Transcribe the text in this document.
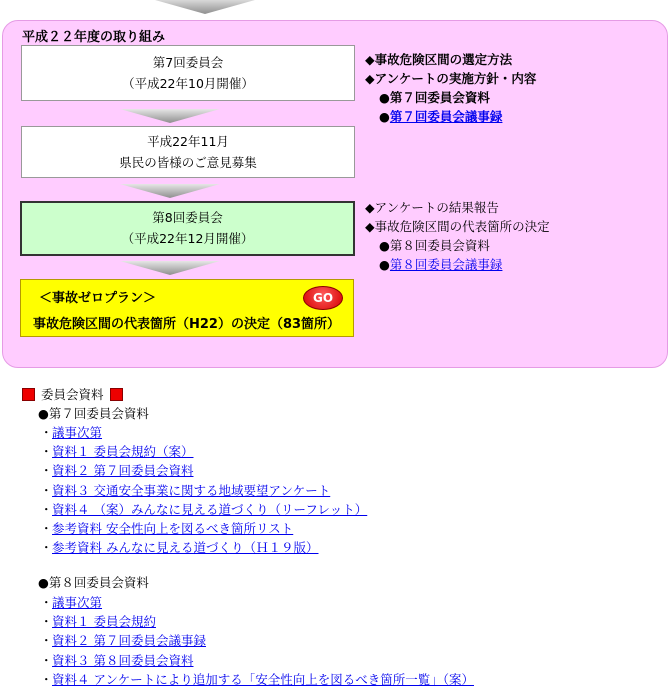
平成２２年度の取り組み
第7回委員会
（平成22年10月開催）
平成22年11月
県民の皆様のご意見募集
第8回委員会
（平成22年12月開催）
＜事故ゼロプラン＞	GO
事故危険区間の代表箇所（H22）の決定（83箇所）
◆事故危険区間の選定方法
◆アンケートの実施方針・内容
●第７回委員会資料
●第７回委員会議事録
◆アンケートの結果報告
◆事故危険区間の代表箇所の決定
●第８回委員会資料
●第８回委員会議事録
委員会資料
●第７回委員会資料
・議事次第
・資料１ 委員会規約（案）
・資料２ 第７回委員会資料
・資料３ 交通安全事業に関する地域要望アンケート
・資料４ （案）みんなに見える道づくり（リーフレット）
・参考資料 安全性向上を図るべき箇所リスト
・参考資料 みんなに見える道づくり（Ｈ１９版）
●第８回委員会資料
・議事次第
・資料１ 委員会規約
・資料２ 第７回委員会議事録
・資料３ 第８回委員会資料
・資料４ アンケートにより追加する「安全性向上を図るべき箇所一覧」（案）
